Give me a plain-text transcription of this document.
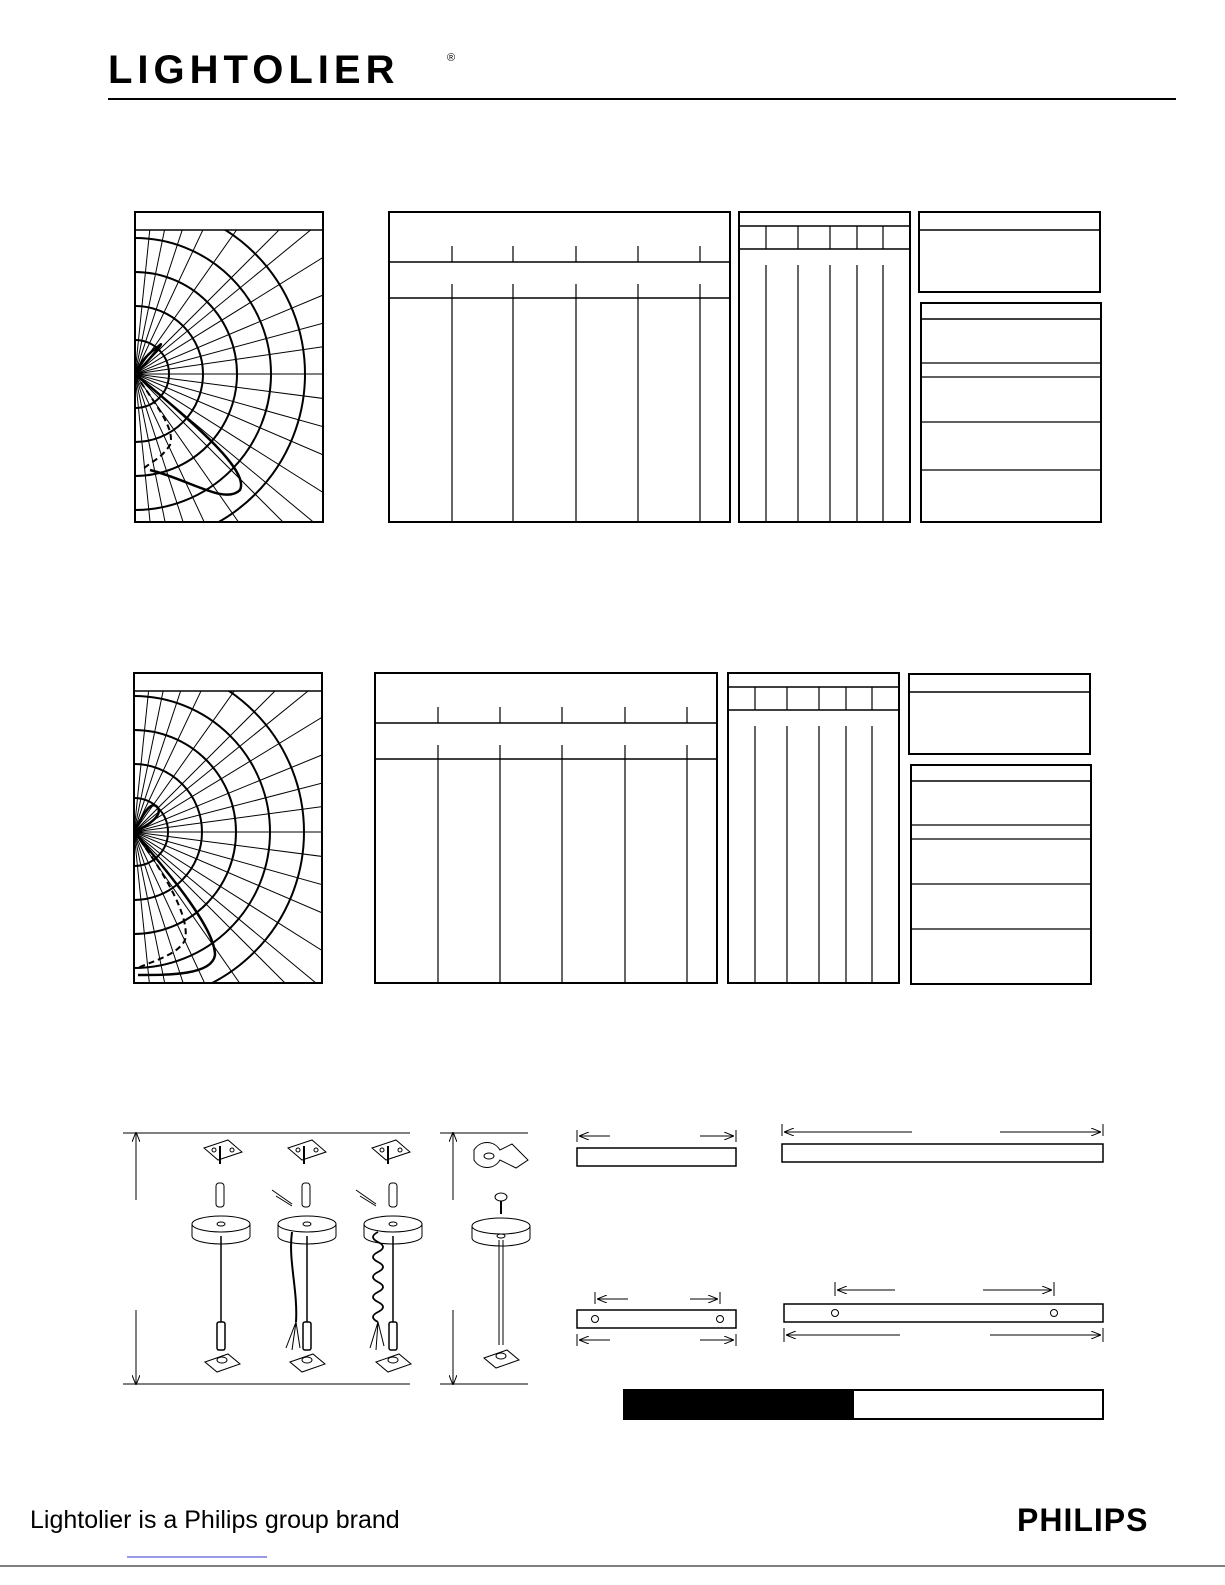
LIGHTOLIER	®
Lightolier is a Philips group brand	PHILIPS
